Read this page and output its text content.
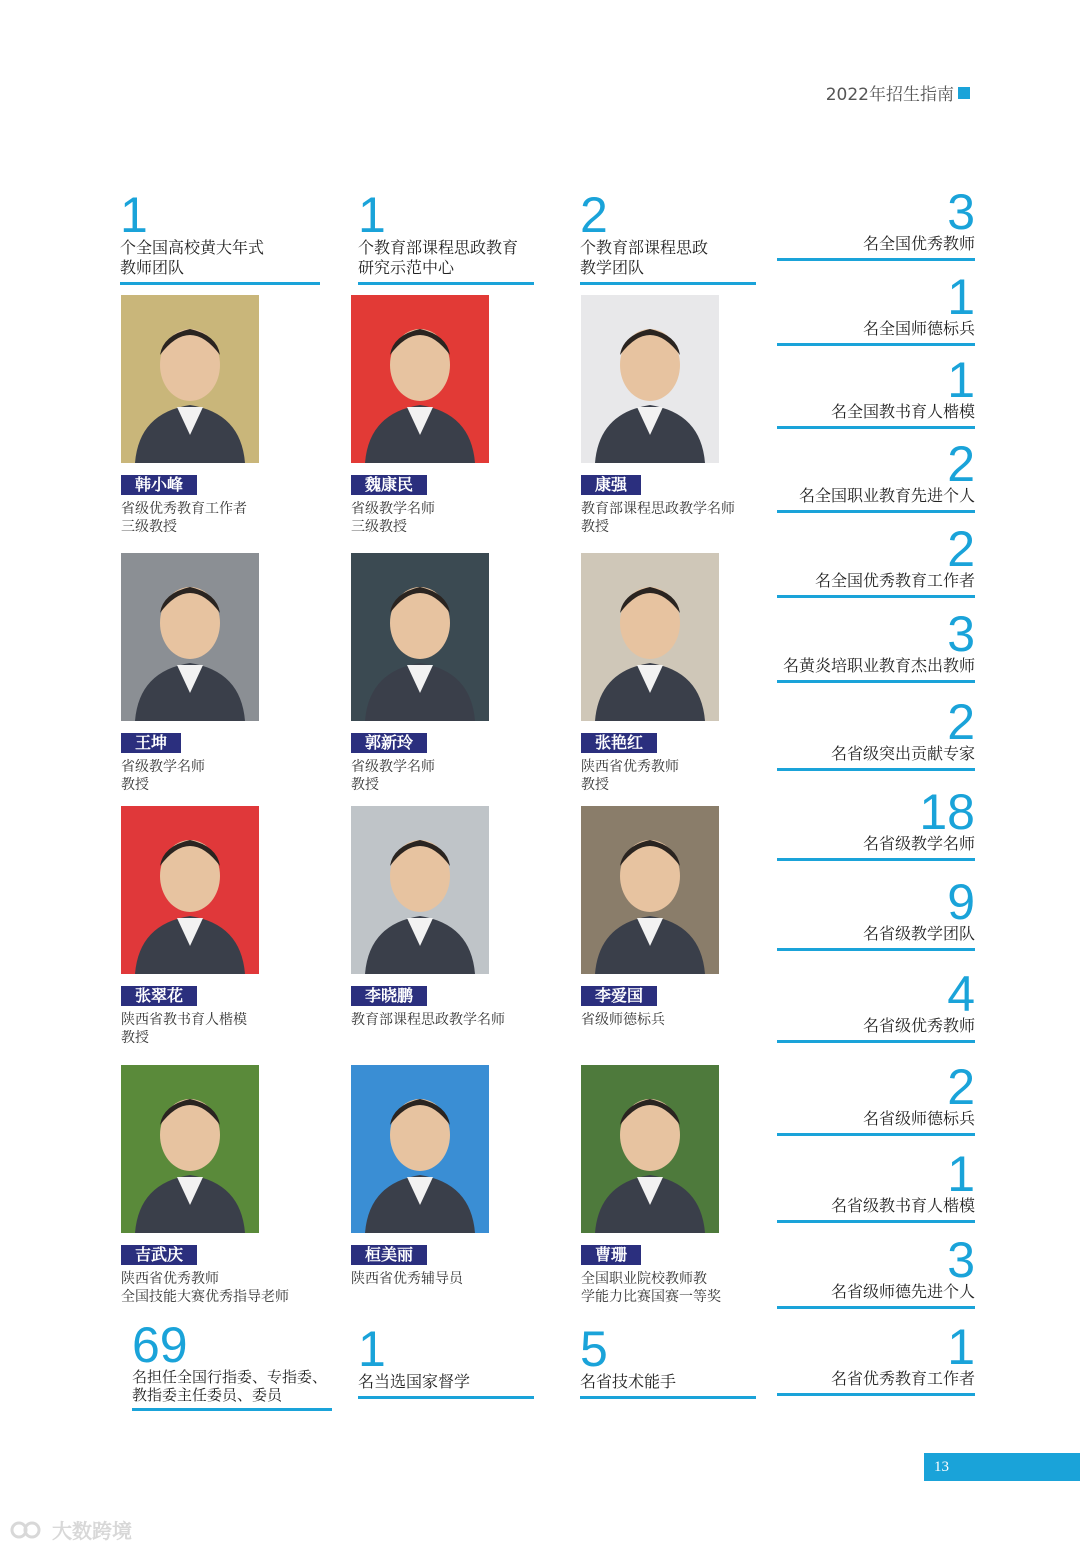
2022年招生指南
1
个全国高校黄大年式
教师团队
1
个教育部课程思政教育
研究示范中心
2
个教育部课程思政
教学团队
韩小峰
省级优秀教育工作者
三级教授
魏康民
省级教学名师
三级教授
康强
教育部课程思政教学名师
教授
王坤
省级教学名师
教授
郭新玲
省级教学名师
教授
张艳红
陕西省优秀教师
教授
张翠花
陕西省教书育人楷模
教授
李晓鹏
教育部课程思政教学名师
李爱国
省级师德标兵
吉武庆
陕西省优秀教师
全国技能大赛优秀指导老师
桓美丽
陕西省优秀辅导员
曹珊
全国职业院校教师教
学能力比赛国赛一等奖
3
名全国优秀教师
1
名全国师德标兵
1
名全国教书育人楷模
2
名全国职业教育先进个人
2
名全国优秀教育工作者
3
名黄炎培职业教育杰出教师
2
名省级突出贡献专家
18
名省级教学名师
9
名省级教学团队
4
名省级优秀教师
2
名省级师德标兵
1
名省级教书育人楷模
3
名省级师德先进个人
1
名省优秀教育工作者
69
名担任全国行指委、专指委、
教指委主任委员、委员
1
名当选国家督学
5
名省技术能手
13
大数跨境
